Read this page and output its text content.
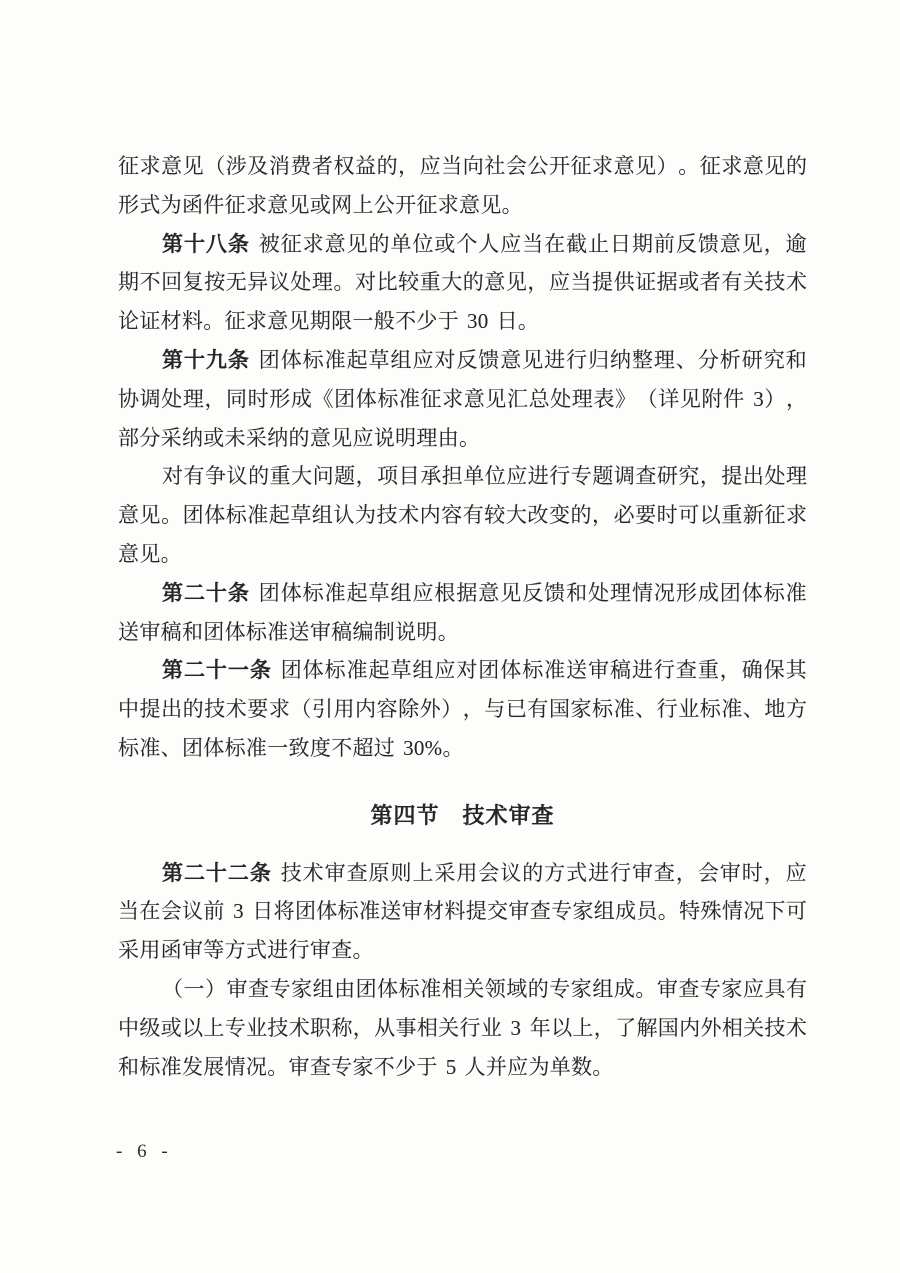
征 求 意 见 （ 涉 及 消 费 者 权 益 的 ， 应 当 向 社 会 公 开 征 求 意 见 ） 。 征 求 意 见 的
形式为函件征求意见或网上公开征求意见。
第 十 八 条 被 征 求 意 见 的 单 位 或 个 人 应 当 在 截 止 日 期 前 反 馈 意 见 ， 逾
期 不 回 复 按 无 异 议 处 理 。 对 比 较 重 大 的 意 见 ， 应 当 提 供 证 据 或 者 有 关 技 术
论证材料。征求意见期限一般不少于 30 日。
第 十 九 条 团 体 标 准 起 草 组 应 对 反 馈 意 见 进 行 归 纳 整 理 、 分 析 研 究 和
协 调 处 理 ， 同 时 形 成 《 团 体 标 准 征 求 意 见 汇 总 处 理 表 》 （ 详 见 附 件 3 ） ，
部分采纳或未采纳的意见应说明理由。
对 有 争 议 的 重 大 问 题 ， 项 目 承 担 单 位 应 进 行 专 题 调 查 研 究 ， 提 出 处 理
意 见 。 团 体 标 准 起 草 组 认 为 技 术 内 容 有 较 大 改 变 的 ， 必 要 时 可 以 重 新 征 求
意见。
第 二 十 条 团 体 标 准 起 草 组 应 根 据 意 见 反 馈 和 处 理 情 况 形 成 团 体 标 准
送审稿和团体标准送审稿编制说明。
第 二 十 一 条 团 体 标 准 起 草 组 应 对 团 体 标 准 送 审 稿 进 行 查 重 ， 确 保 其
中 提 出 的 技 术 要 求 （ 引 用 内 容 除 外 ） ， 与 已 有 国 家 标 准 、 行 业 标 准 、 地 方
标准、团体标准一致度不超过 30%。
第四节　技术审查
第 二 十 二 条 技 术 审 查 原 则 上 采 用 会 议 的 方 式 进 行 审 查 ， 会 审 时 ， 应
当 在 会 议 前 3 日 将 团 体 标 准 送 审 材 料 提 交 审 查 专 家 组 成 员 。 特 殊 情 况 下 可
采用函审等方式进行审查。
（ 一 ） 审 查 专 家 组 由 团 体 标 准 相 关 领 域 的 专 家 组 成 。 审 查 专 家 应 具 有
中 级 或 以 上 专 业 技 术 职 称 ， 从 事 相 关 行 业 3 年 以 上 ， 了 解 国 内 外 相 关 技 术
和标准发展情况。审查专家不少于 5 人并应为单数。
- 6 -
